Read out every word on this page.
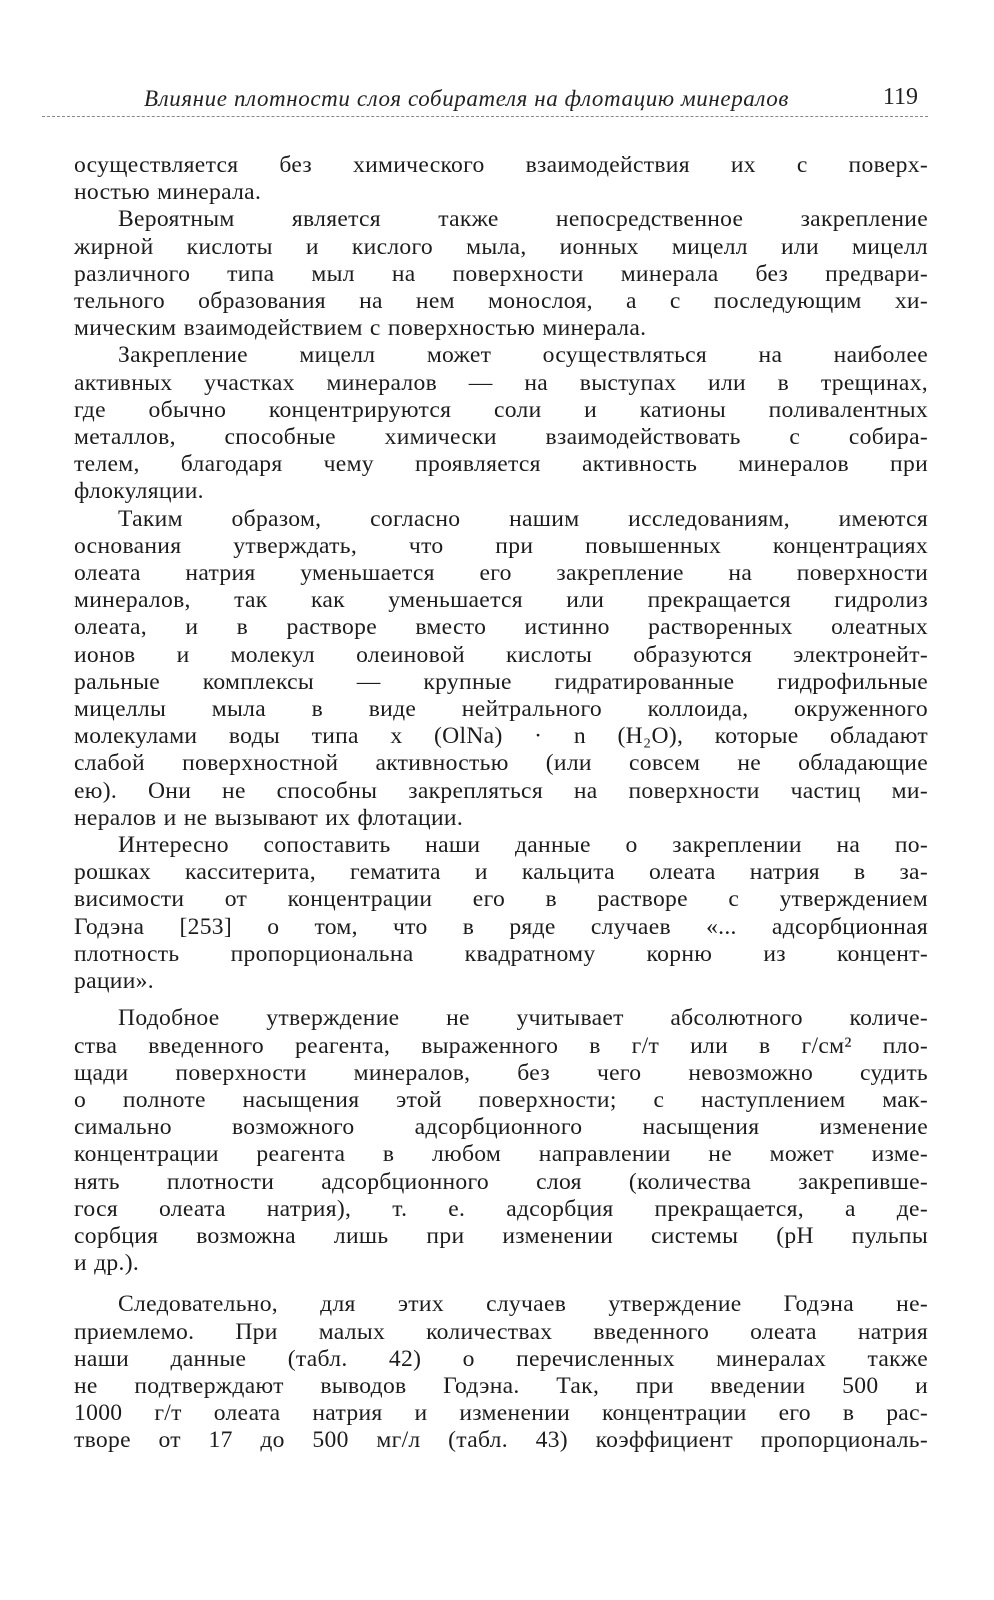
Влияние плотности слоя собирателя на флотацию минералов	119
осуществляется без химического взаимодействия их с поверх-
ностью минерала.
Вероятным является также непосредственное закрепление
жирной кислоты и кислого мыла, ионных мицелл или мицелл
различного типа мыл на поверхности минерала без предвари-
тельного образования на нем монослоя, а с последующим хи-
мическим взаимодействием с поверхностью минерала.
Закрепление мицелл может осуществляться на наиболее
активных участках минералов — на выступах или в трещинах,
где обычно концентрируются соли и катионы поливалентных
металлов, способные химически взаимодействовать с собира-
телем, благодаря чему проявляется активность минералов при
флокуляции.
Таким образом, согласно нашим исследованиям, имеются
основания утверждать, что при повышенных концентрациях
олеата натрия уменьшается его закрепление на поверхности
минералов, так как уменьшается или прекращается гидролиз
олеата, и в растворе вместо истинно растворенных олеатных
ионов и молекул олеиновой кислоты образуются электронейт-
ральные комплексы — крупные гидратированные гидрофильные
мицеллы мыла в виде нейтрального коллоида, окруженного
молекулами воды типа x (OlNa) · n (H₂O), которые обладают
слабой поверхностной активностью (или совсем не обладающие
ею). Они не способны закрепляться на поверхности частиц ми-
нералов и не вызывают их флотации.
Интересно сопоставить наши данные о закреплении на по-
рошках касситерита, гематита и кальцита олеата натрия в за-
висимости от концентрации его в растворе с утверждением
Годэна [253] о том, что в ряде случаев «... адсорбционная
плотность пропорциональна квадратному корню из концент-
рации».
Подобное утверждение не учитывает абсолютного количе-
ства введенного реагента, выраженного в г/т или в г/см² пло-
щади поверхности минералов, без чего невозможно судить
о полноте насыщения этой поверхности; с наступлением мак-
симально возможного адсорбционного насыщения изменение
концентрации реагента в любом направлении не может изме-
нять плотности адсорбционного слоя (количества закрепивше-
гося олеата натрия), т. е. адсорбция прекращается, а де-
сорбция возможна лишь при изменении системы (рН пульпы
и др.).
Следовательно, для этих случаев утверждение Годэна не-
приемлемо. При малых количествах введенного олеата натрия
наши данные (табл. 42) о перечисленных минералах также
не подтверждают выводов Годэна. Так, при введении 500 и
1000 г/т олеата натрия и изменении концентрации его в рас-
творе от 17 до 500 мг/л (табл. 43) коэффициент пропорциональ-
